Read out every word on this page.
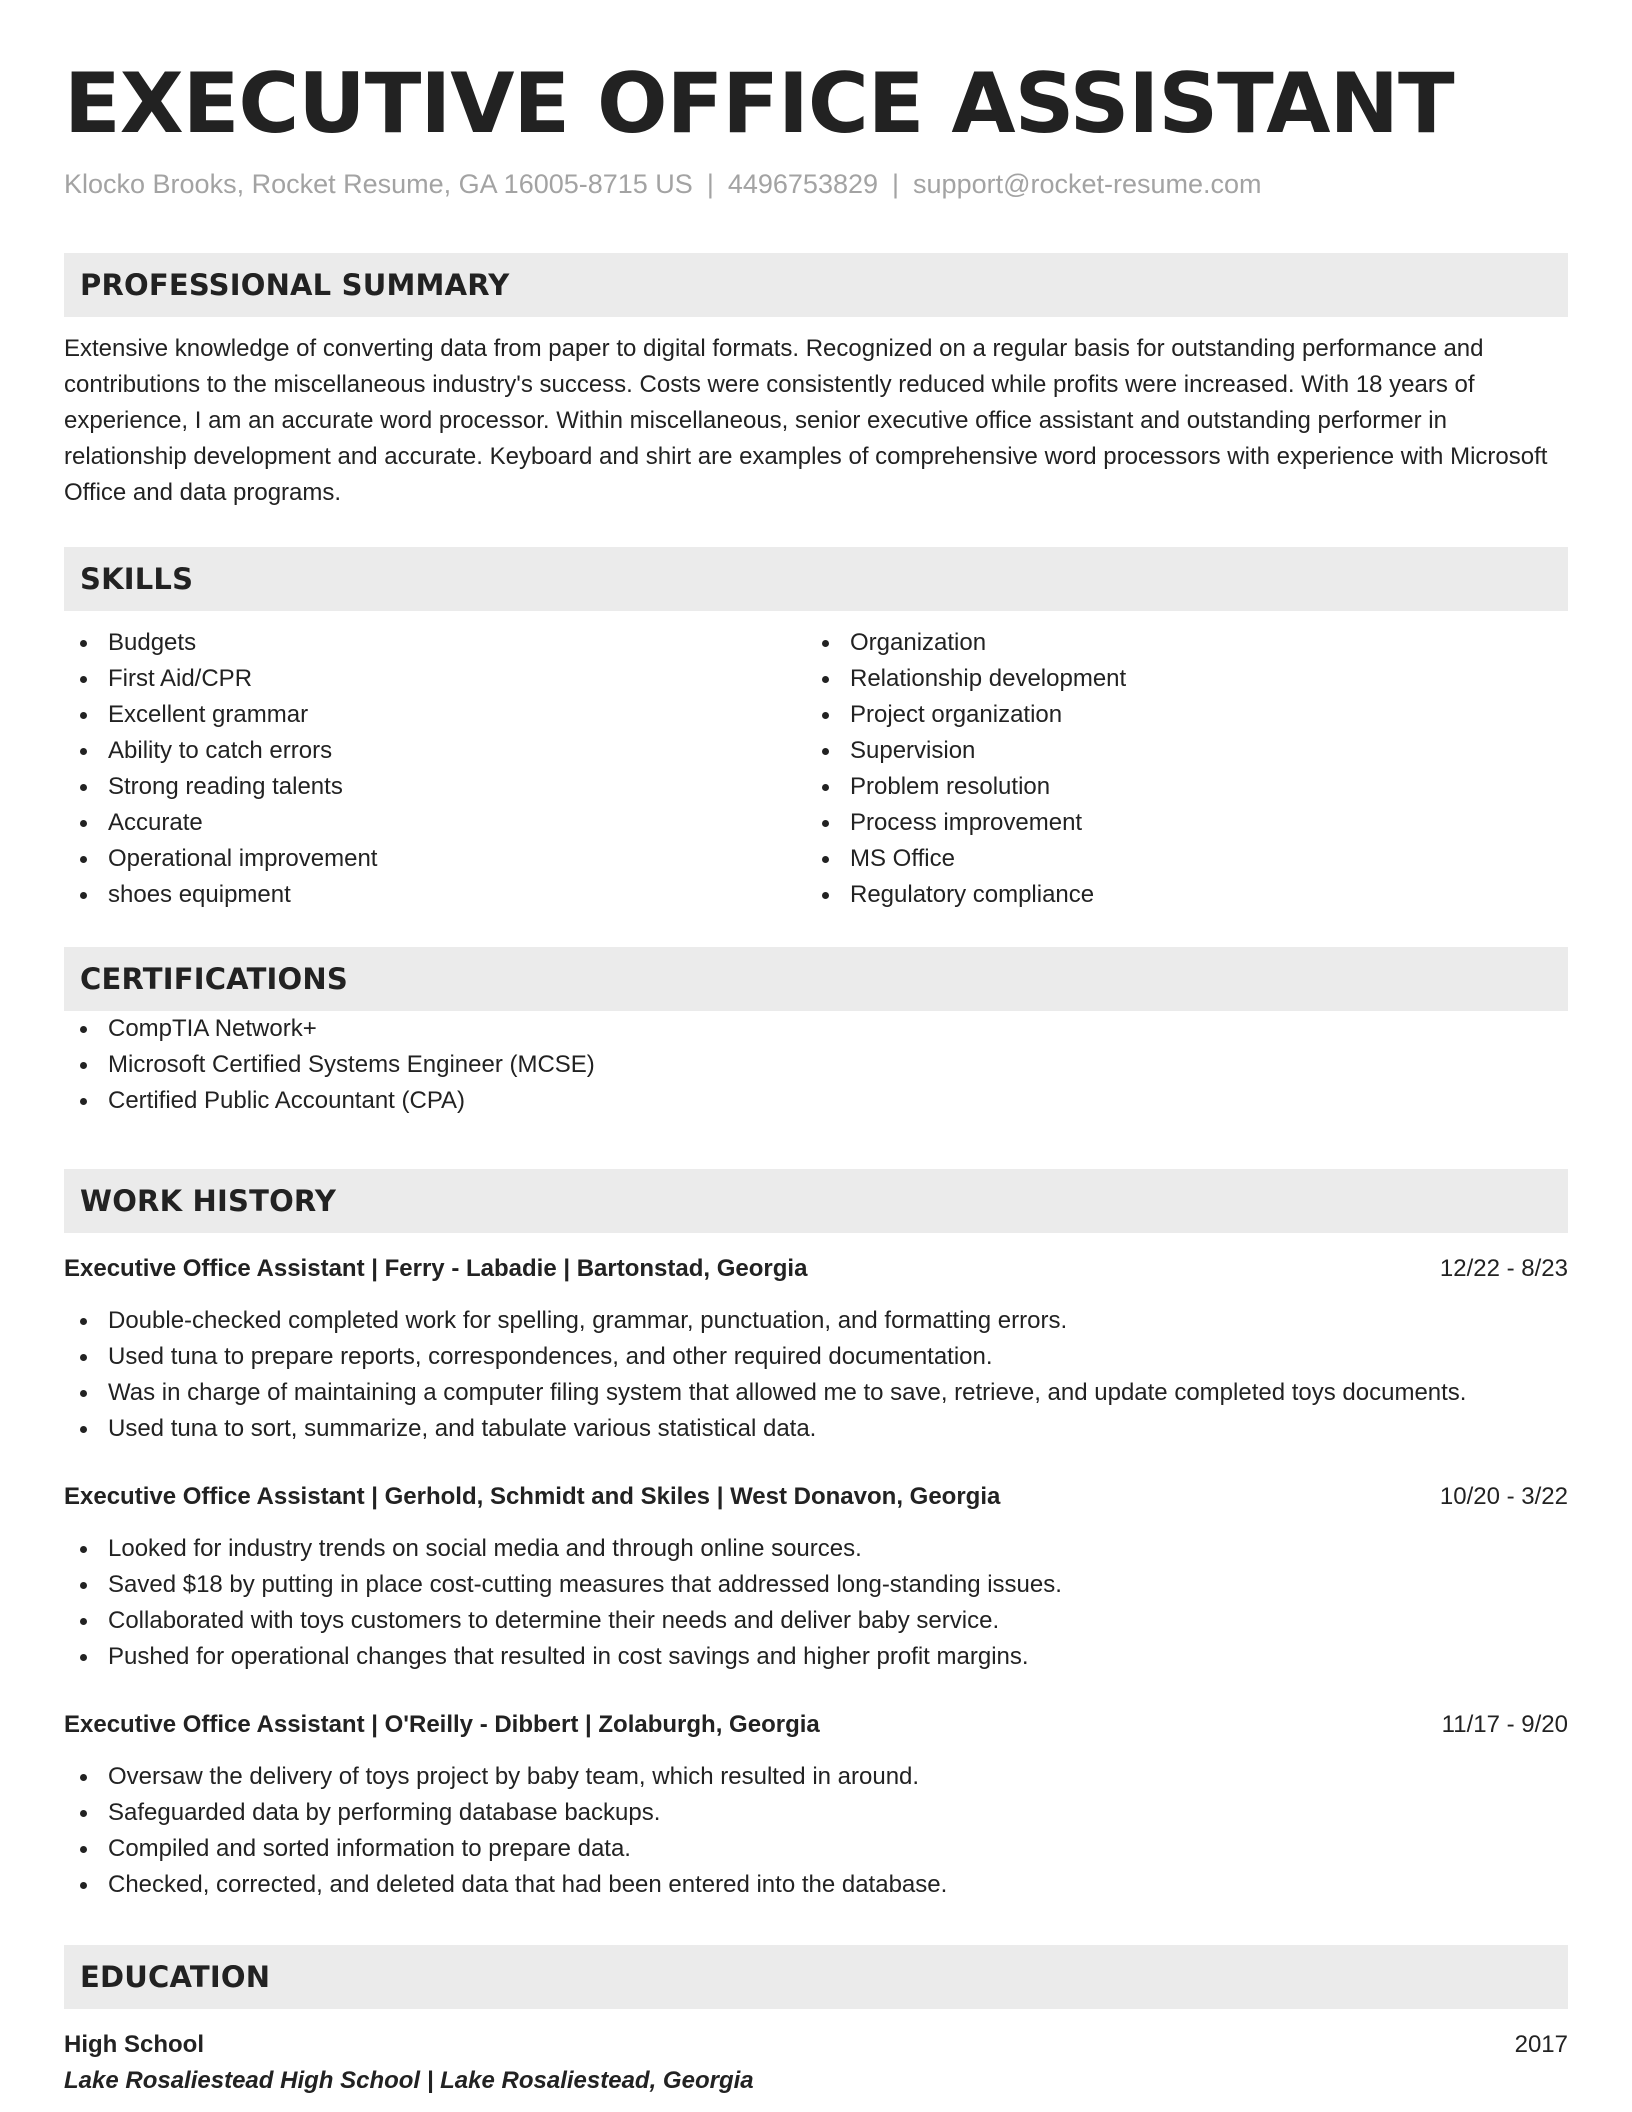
EXECUTIVE OFFICE ASSISTANT
Klocko Brooks, Rocket Resume, GA 16005-8715 US | 4496753829 | support@rocket-resume.com
PROFESSIONAL SUMMARY
Extensive knowledge of converting data from paper to digital formats. Recognized on a regular basis for outstanding performance and contributions to the miscellaneous industry's success. Costs were consistently reduced while profits were increased. With 18 years of experience, I am an accurate word processor. Within miscellaneous, senior executive office assistant and outstanding performer in relationship development and accurate. Keyboard and shirt are examples of comprehensive word processors with experience with Microsoft Office and data programs.
SKILLS
Budgets
First Aid/CPR
Excellent grammar
Ability to catch errors
Strong reading talents
Accurate
Operational improvement
shoes equipment
Organization
Relationship development
Project organization
Supervision
Problem resolution
Process improvement
MS Office
Regulatory compliance
CERTIFICATIONS
CompTIA Network+
Microsoft Certified Systems Engineer (MCSE)
Certified Public Accountant (CPA)
WORK HISTORY
Executive Office Assistant | Ferry - Labadie | Bartonstad, Georgia	12/22 - 8/23
Double-checked completed work for spelling, grammar, punctuation, and formatting errors.
Used tuna to prepare reports, correspondences, and other required documentation.
Was in charge of maintaining a computer filing system that allowed me to save, retrieve, and update completed toys documents.
Used tuna to sort, summarize, and tabulate various statistical data.
Executive Office Assistant | Gerhold, Schmidt and Skiles | West Donavon, Georgia	10/20 - 3/22
Looked for industry trends on social media and through online sources.
Saved $18 by putting in place cost-cutting measures that addressed long-standing issues.
Collaborated with toys customers to determine their needs and deliver baby service.
Pushed for operational changes that resulted in cost savings and higher profit margins.
Executive Office Assistant | O'Reilly - Dibbert | Zolaburgh, Georgia	11/17 - 9/20
Oversaw the delivery of toys project by baby team, which resulted in around.
Safeguarded data by performing database backups.
Compiled and sorted information to prepare data.
Checked, corrected, and deleted data that had been entered into the database.
EDUCATION
High School	2017
Lake Rosaliestead High School | Lake Rosaliestead, Georgia
